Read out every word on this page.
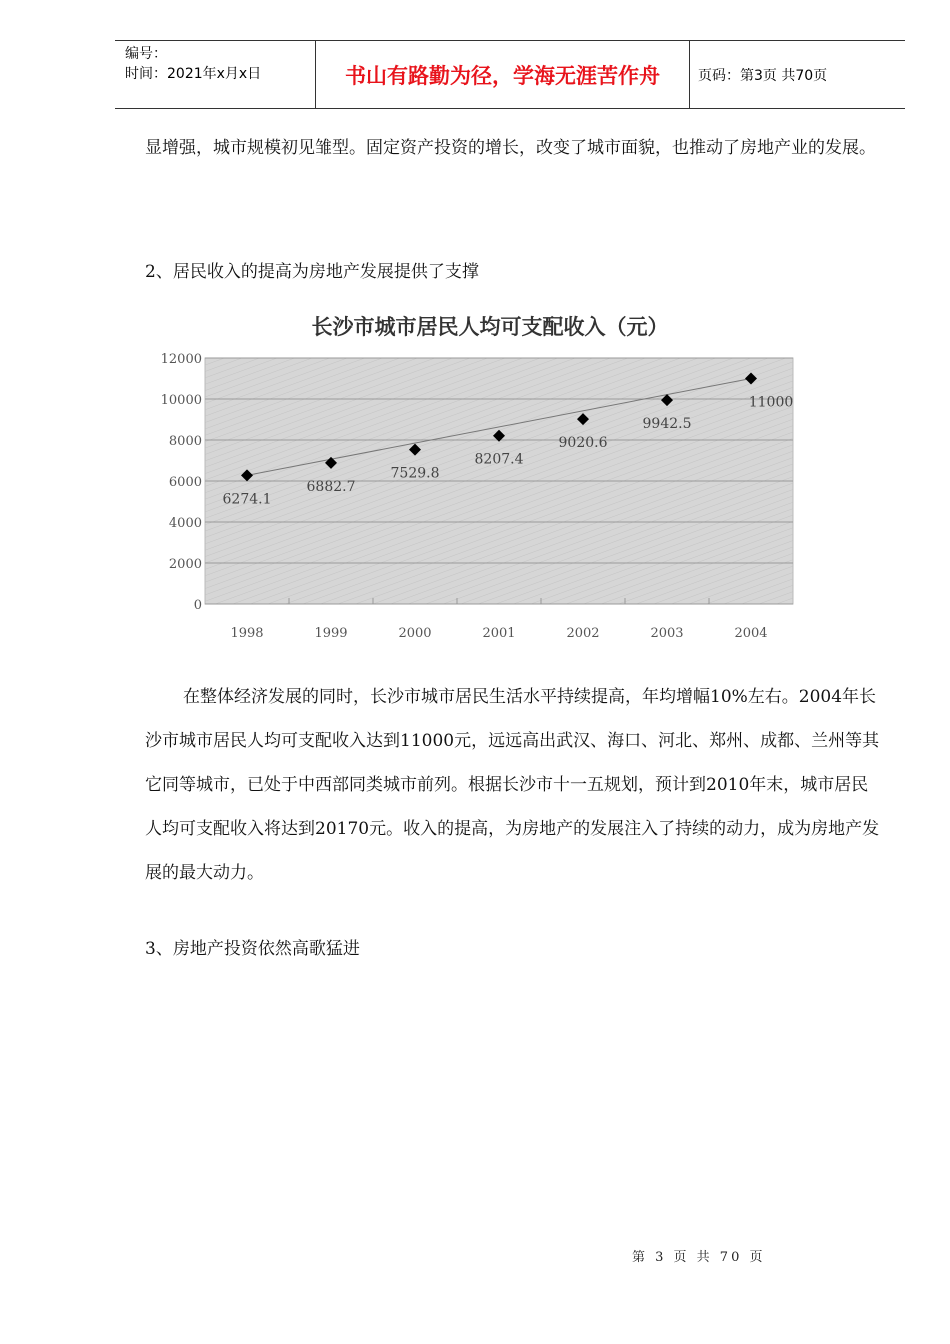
编号：
时间：2021年x月x日	书山有路勤为径，学海无涯苦作舟	页码：第3页 共70页
显增强，城市规模初见雏型。固定资产投资的增长，改变了城市面貌，也推动了房地产业的发展。
2、居民收入的提高为房地产发展提供了支撑
长沙市城市居民人均可支配收入（元）
0
2000
4000
6000
8000
10000
12000
1998	1999	2000	2001	2002	2003	2004
6274.1
6882.7
7529.8
8207.4
9020.6
9942.5
11000
在整体经济发展的同时，长沙市城市居民生活水平持续提高，年均增幅10%左右。2004年长沙市城市居民人均可支配收入达到11000元，远远高出武汉、海口、河北、郑州、成都、兰州等其它同等城市，已处于中西部同类城市前列。根据长沙市十一五规划，预计到2010年末，城市居民人均可支配收入将达到20170元。收入的提高，为房地产的发展注入了持续的动力，成为房地产发展的最大动力。
3、房地产投资依然高歌猛进
第 3 页 共 70 页
